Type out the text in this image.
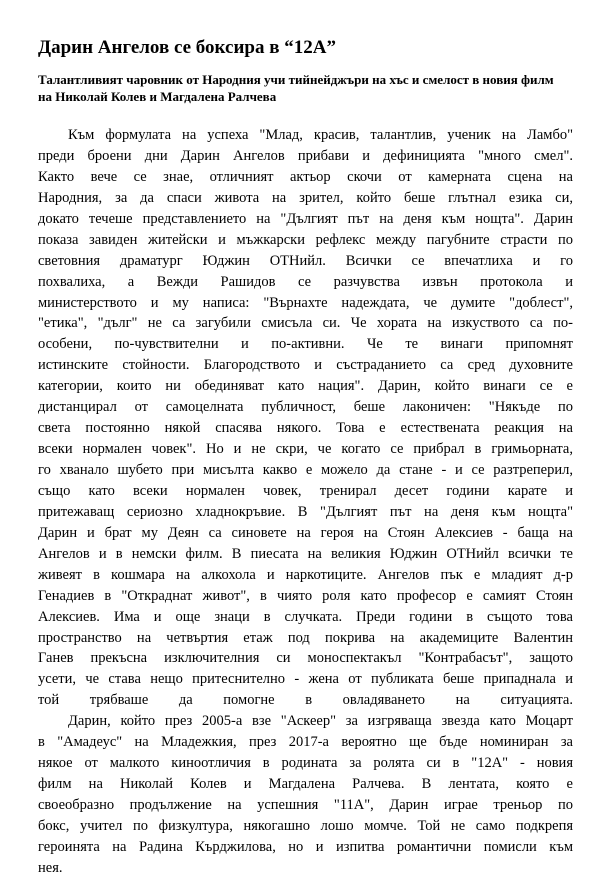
Дарин Ангелов се боксира в “12А”

Талантливият чаровник от Народния учи тийнейджъри на хъс и смелост в новия филм на Николай Колев и Магдалена Ралчева

Към формулата на успеха "Млад, красив, талантлив, ученик на Ламбо"
преди броени дни Дарин Ангелов прибави и дефиницията "много смел".
Както вече се знае, отличният актьор скочи от камерната сцена на
Народния, за да спаси живота на зрител, който беше глътнал езика си,
докато течеше представлението на "Дългият път на деня към нощта". Дарин
показа завиден житейски и мъжкарски рефлекс между пагубните страсти по
световния драматург Юджин ОТНийл. Всички се впечатлиха и го
похвалиха, а Вежди Рашидов се разчувства извън протокола и
министерството и му написа: "Върнахте надеждата, че думите "доблест",
"етика", "дълг" не са загубили смисъла си. Че хората на изкуството са по-
особени, по-чувствителни и по-активни. Че те винаги припомнят
истинските стойности. Благородството и състраданието са сред духовните
категории, които ни обединяват като нация". Дарин, който винаги се е
дистанцирал от самоцелната публичност, беше лаконичен: "Някъде по
света постоянно някой спасява някого. Това е естествената реакция на
всеки нормален човек". Но и не скри, че когато се прибрал в гримьорната,
го хванало шубето при мисълта какво е можело да стане - и се разтреперил,
също като всеки нормален човек, тренирал десет години карате и
притежаващ сериозно хладнокръвие. В "Дългият път на деня към нощта"
Дарин и брат му Деян са синовете на героя на Стоян Алексиев - баща на
Ангелов и в немски филм. В пиесата на великия Юджин ОТНийл всички те
живеят в кошмара на алкохола и наркотиците. Ангелов пък е младият д-р
Генадиев в "Откраднат живот", в чиято роля като професор е самият Стоян
Алексиев. Има и още знаци в случката. Преди години в същото това
пространство на четвъртия етаж под покрива на академиците Валентин
Ганев прекъсна изключителния си моноспектакъл "Контрабасът", защото
усети, че става нещо притеснително - жена от публиката беше припаднала и
той трябваше да помогне в овладяването на ситуацията.
Дарин, който през 2005-а взе "Аскеер" за изгряваща звезда като Моцарт
в "Амадеус" на Младежкия, през 2017-а вероятно ще бъде номиниран за
някое от малкото киноотличия в родината за ролята си в "12А" - новия
филм на Николай Колев и Магдалена Ралчева. В лентата, която е
своеобразно продължение на успешния "11А", Дарин играе треньор по
бокс, учител по физкултура, някогашно лошо момче. Той не само подкрепя
героинята на Радина Кърджилова, но и изпитва романтични помисли към
нея.
